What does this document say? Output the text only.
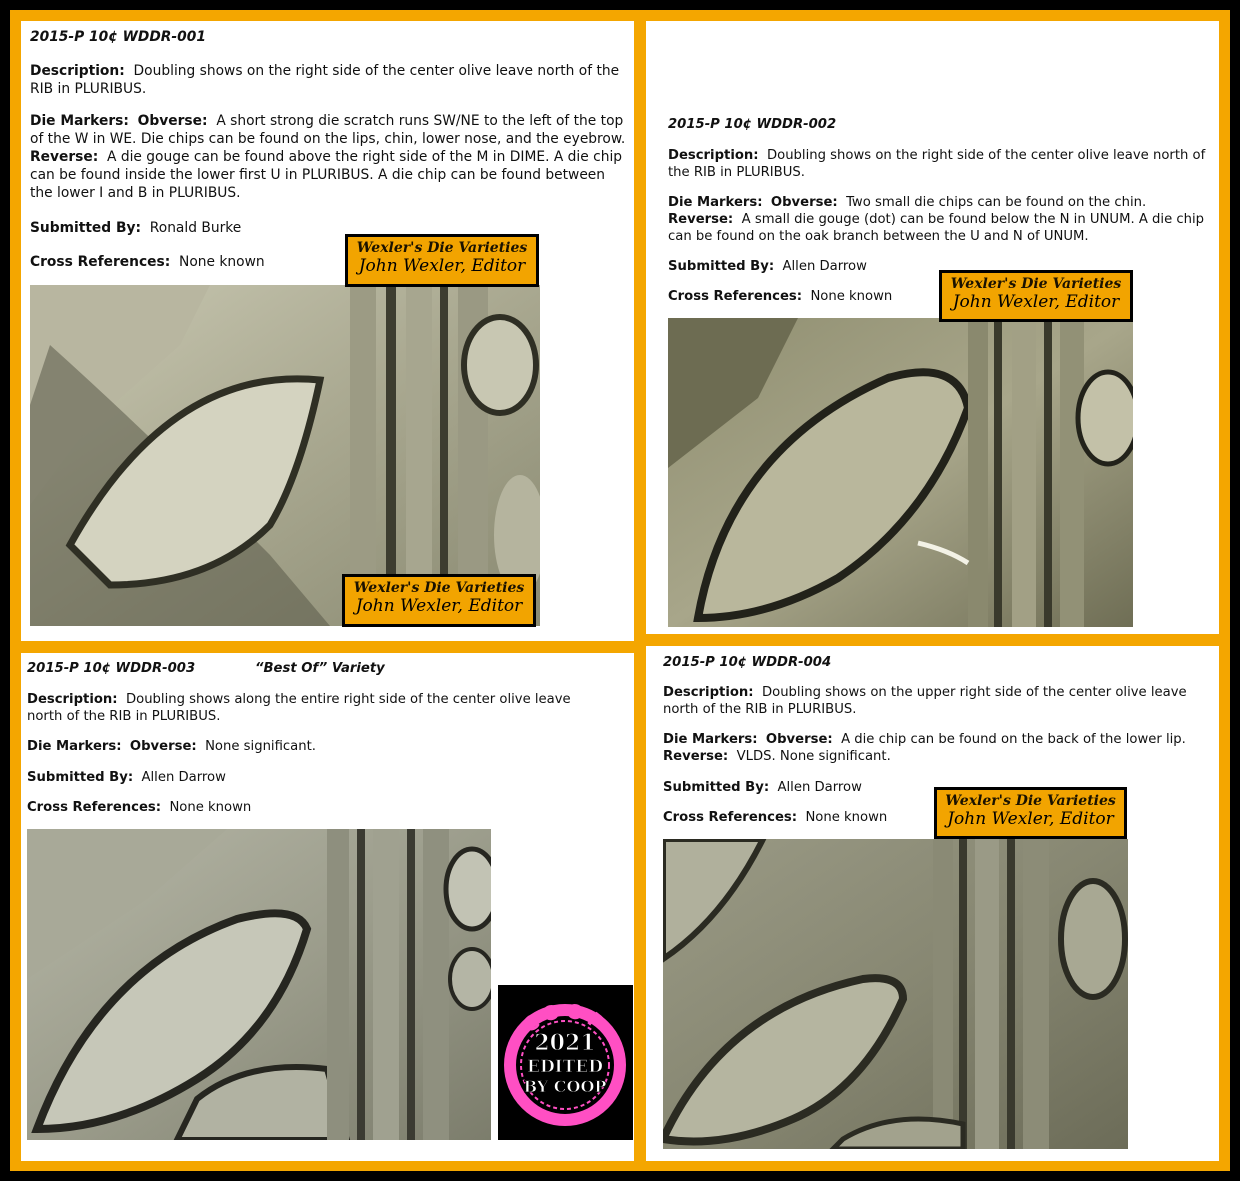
2015-P 10¢ WDDR-001
Description: Doubling shows on the right side of the center olive leave north of the RIB in PLURIBUS.
Die Markers: Obverse: A short strong die scratch runs SW/NE to the left of the top of the W in WE. Die chips can be found on the lips, chin, lower nose, and the eyebrow.  Reverse: A die gouge can be found above the right side of the M in DIME. A die chip can be found inside the lower first U in PLURIBUS. A die chip can be found between the lower I and B in PLURIBUS.
Submitted By: Ronald Burke
Cross References: None known
Wexler's Die Varieties
John Wexler, Editor
Wexler's Die Varieties
John Wexler, Editor
2015-P 10¢ WDDR-002
Description: Doubling shows on the right side of the center olive leave north of the RIB in PLURIBUS.
Die Markers: Obverse: Two small die chips can be found on the chin.
Reverse: A small die gouge (dot) can be found below the N in UNUM. A die chip can be found on the oak branch between the U and N of UNUM.
Submitted By: Allen Darrow
Cross References: None known
Wexler's Die Varieties
John Wexler, Editor
2015-P 10¢ WDDR-003	“Best Of” Variety
Description: Doubling shows along the entire right side of the center olive leave north of the RIB in PLURIBUS.
Die Markers: Obverse: None significant.
Submitted By: Allen Darrow
Cross References: None known
COOP
2021
EDITED
BY COOP
2015-P 10¢ WDDR-004
Description: Doubling shows on the upper right side of the center olive leave north of the RIB in PLURIBUS.
Die Markers: Obverse: A die chip can be found on the back of the lower lip.  Reverse: VLDS. None significant.
Submitted By: Allen Darrow
Cross References: None known
Wexler's Die Varieties
John Wexler, Editor
